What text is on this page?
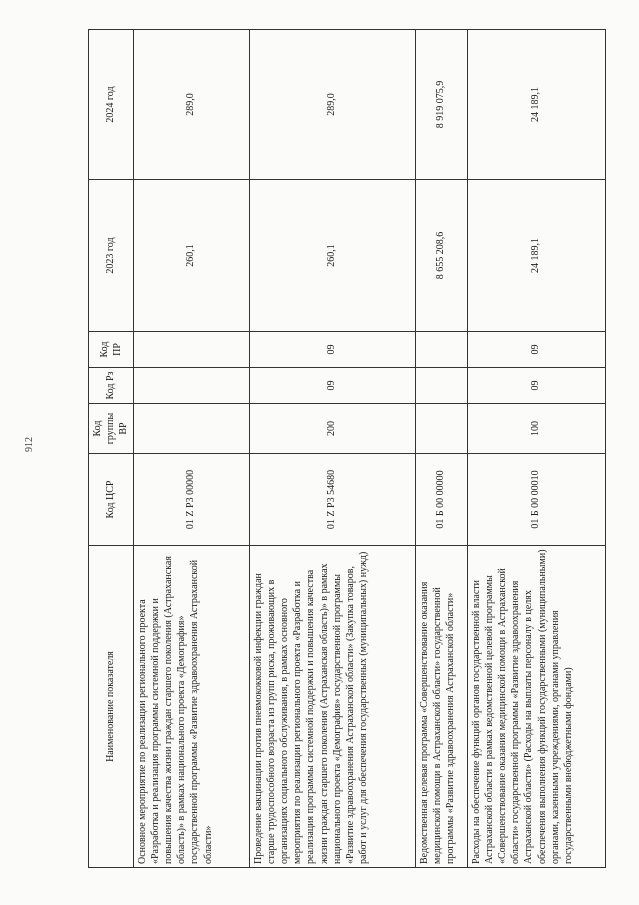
912
Наименование показателя	Код ЦСР	Код группы ВР	Код Рз	Код ПР	2023 год	2024 год
Основное мероприятие по реализации регионального проекта «Разработка и реализация программы системной поддержки и повышения качества жизни граждан старшего поколения (Астраханская область)» в рамках национального проекта «Демография» государственной программы «Развитие здравоохранения Астраханской области»	01 Z P3 00000				260,1	289,0
Проведение вакцинации против пневмококковой инфекции граждан старше трудоспособного возраста из групп риска, проживающих в организациях социального обслуживания, в рамках основного мероприятия по реализации регионального проекта «Разработка и реализация программы системной поддержки и повышения качества жизни граждан старшего поколения (Астраханская область)» в рамках национального проекта «Демография» государственной программы «Развитие здравоохранения Астраханской области» (Закупка товаров, работ и услуг для обеспечения государственных (муниципальных) нужд)	01 Z P3 54680	200	09	09	260,1	289,0
Ведомственная целевая программа «Совершенствование оказания медицинской помощи в Астраханской области» государственной программы «Развитие здравоохранения Астраханской области»	01 Б 00 00000				8 655 208,6	8 919 075,9
Расходы на обеспечение функций органов государственной власти Астраханской области в рамках ведомственной целевой программы «Совершенствование оказания медицинской помощи в Астраханской области» государственной программы «Развитие здравоохранения Астраханской области» (Расходы на выплаты персоналу в целях обеспечения выполнения функций государственными (муниципальными) органами, казенными учреждениями, органами управления государственными внебюджетными фондами)	01 Б 00 00010	100	09	09	24 189,1	24 189,1
